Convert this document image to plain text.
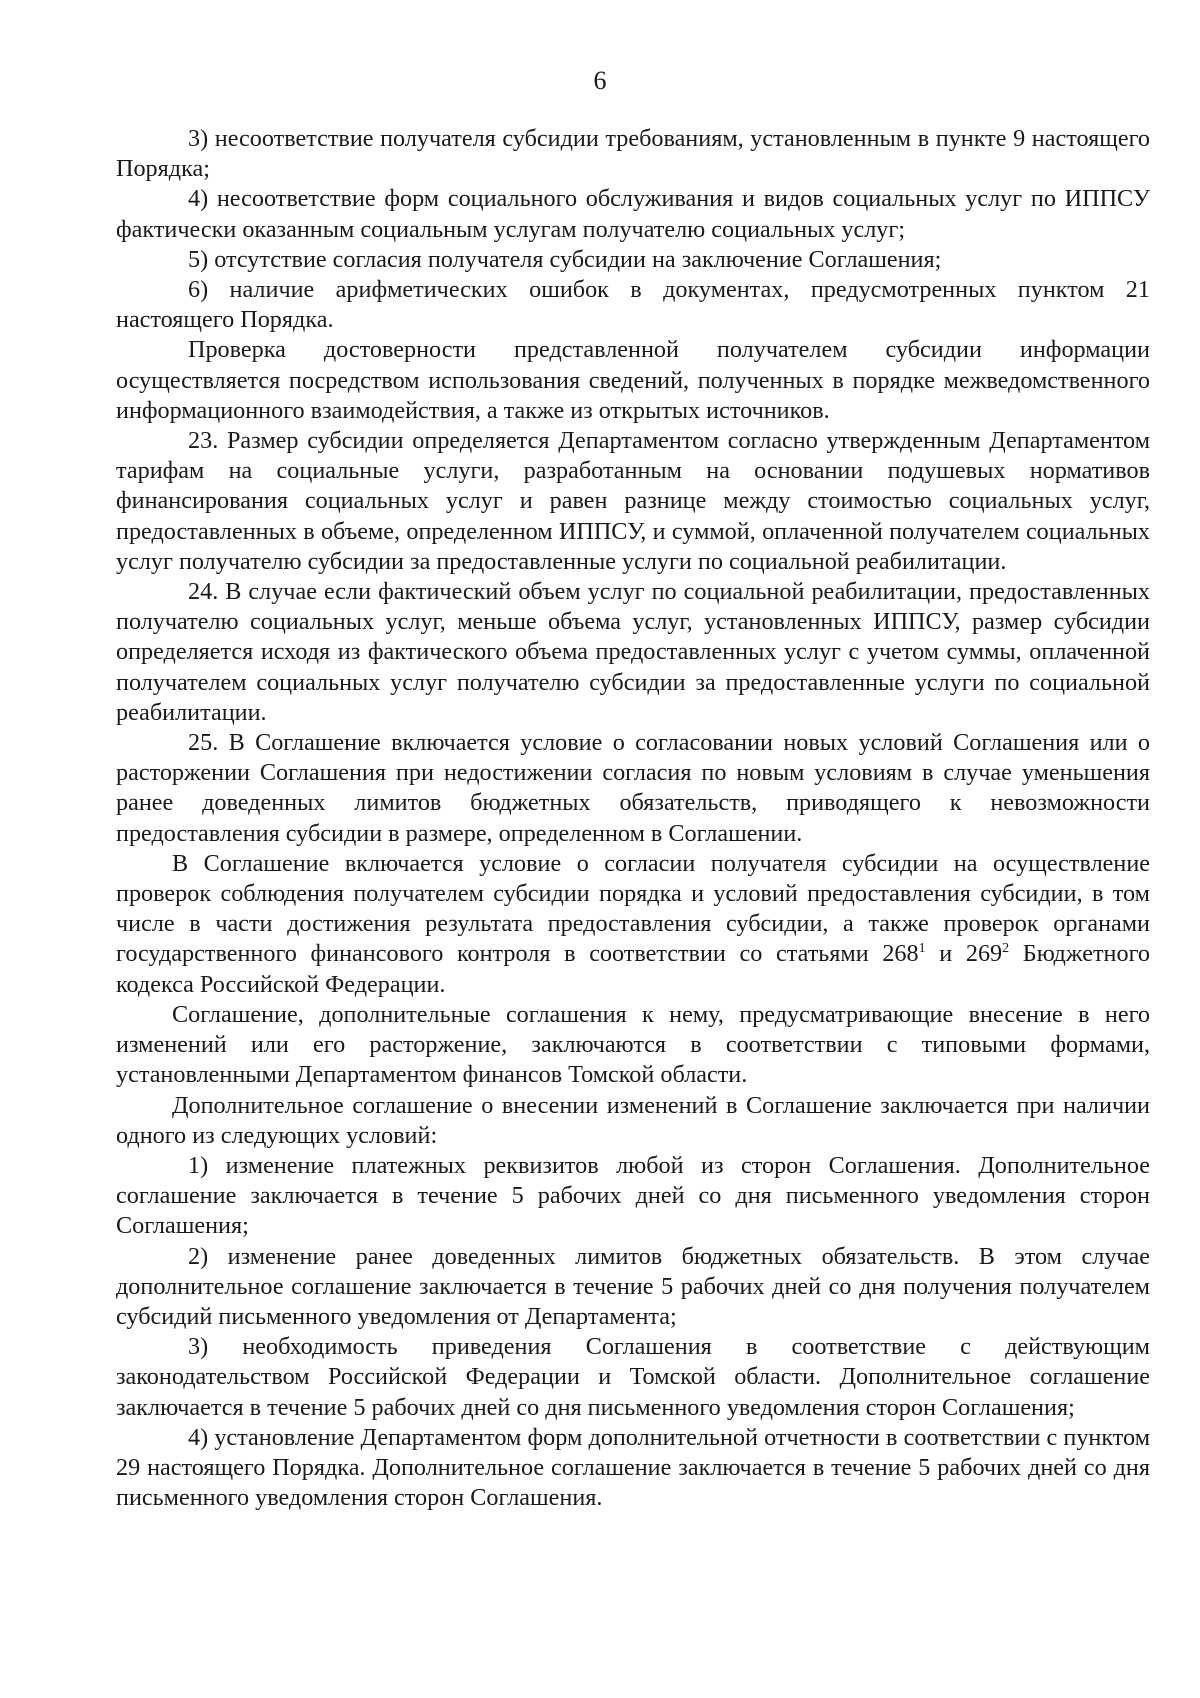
6

3) несоответствие получателя субсидии требованиям, установленным в пункте 9 настоящего Порядка;

4) несоответствие форм социального обслуживания и видов социальных услуг по ИППСУ фактически оказанным социальным услугам получателю социальных услуг;

5) отсутствие согласия получателя субсидии на заключение Соглашения;

6) наличие арифметических ошибок в документах, предусмотренных пунктом 21 настоящего Порядка.

Проверка достоверности представленной получателем субсидии информации осуществляется посредством использования сведений, полученных в порядке межведомственного информационного взаимодействия, а также из открытых источников.

23. Размер субсидии определяется Департаментом согласно утвержденным Департаментом тарифам на социальные услуги, разработанным на основании подушевых нормативов финансирования социальных услуг и равен разнице между стоимостью социальных услуг, предоставленных в объеме, определенном ИППСУ, и суммой, оплаченной получателем социальных услуг получателю субсидии за предоставленные услуги по социальной реабилитации.

24. В случае если фактический объем услуг по социальной реабилитации, предоставленных получателю социальных услуг, меньше объема услуг, установленных ИППСУ, размер субсидии определяется исходя из фактического объема предоставленных услуг с учетом суммы, оплаченной получателем социальных услуг получателю субсидии за предоставленные услуги по социальной реабилитации.

25. В Соглашение включается условие о согласовании новых условий Соглашения или о расторжении Соглашения при недостижении согласия по новым условиям в случае уменьшения ранее доведенных лимитов бюджетных обязательств, приводящего к невозможности предоставления субсидии в размере, определенном в Соглашении.

В Соглашение включается условие о согласии получателя субсидии на осуществление проверок соблюдения получателем субсидии порядка и условий предоставления субсидии, в том числе в части достижения результата предоставления субсидии, а также проверок органами государственного финансового контроля в соответствии со статьями $268^1$ и $269^2$ Бюджетного кодекса Российской Федерации.

Соглашение, дополнительные соглашения к нему, предусматривающие внесение в него изменений или его расторжение, заключаются в соответствии с типовыми формами, установленными Департаментом финансов Томской области.

Дополнительное соглашение о внесении изменений в Соглашение заключается при наличии одного из следующих условий:

1) изменение платежных реквизитов любой из сторон Соглашения. Дополнительное соглашение заключается в течение 5 рабочих дней со дня письменного уведомления сторон Соглашения;

2) изменение ранее доведенных лимитов бюджетных обязательств. В этом случае дополнительное соглашение заключается в течение 5 рабочих дней со дня получения получателем субсидий письменного уведомления от Департамента;

3) необходимость приведения Соглашения в соответствие с действующим законодательством Российской Федерации и Томской области. Дополнительное соглашение заключается в течение 5 рабочих дней со дня письменного уведомления сторон Соглашения;

4) установление Департаментом форм дополнительной отчетности в соответствии с пунктом 29 настоящего Порядка. Дополнительное соглашение заключается в течение 5 рабочих дней со дня письменного уведомления сторон Соглашения.
